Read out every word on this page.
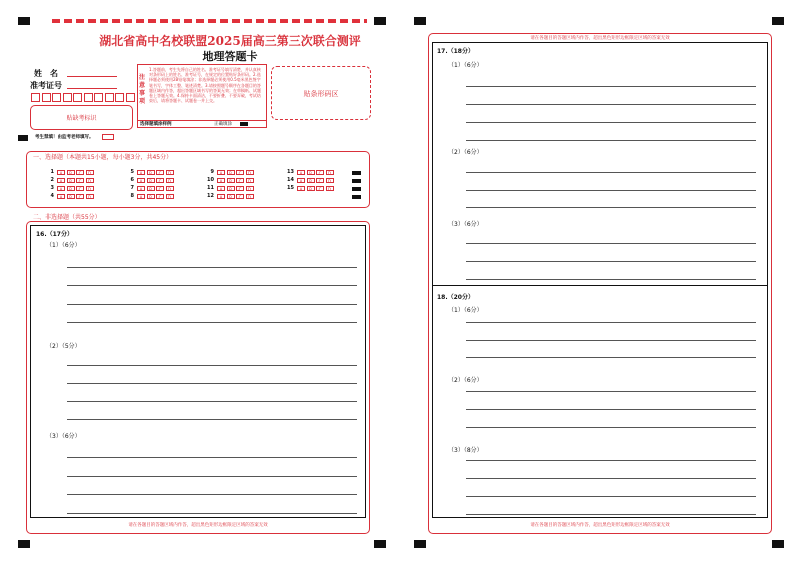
湖北省高中名校联盟2025届高三第三次联合测评
地理答题卡
姓　名
准考证号
贴缺考标识
注意事项
1.答题前，考生先将自己的姓名、准考证号填写清楚，并认真核对条形码上的姓名、准考证号，在规定的位置贴好条形码。2.选择题必须使用2B铅笔填涂；非选择题必须使用0.5毫米黑色签字笔书写，字体工整、笔迹清楚。3.请按照题号顺序在各题目的答题区域内作答，超出答题区域书写的答案无效；在草稿纸、试题卷上答题无效。4.保持卡面清洁，不要折叠、不要弄破，考试结束后，请将答题卡、试题卷一并上交。
选择题填涂样例	正确填涂
贴条形码区
考生禁填！由监考老师填写。
一、选择题（本题共15小题，每小题3分，共45分）
1	A	B	C	D
2	A	B	C	D
3	A	B	C	D
4	A	B	C	D
5	A	B	C	D
6	A	B	C	D
7	A	B	C	D
8	A	B	C	D
9	A	B	C	D
10	A	B	C	D
11	A	B	C	D
12	A	B	C	D
13	A	B	C	D
14	A	B	C	D
15	A	B	C	D
二、非选择题（共55分）
16.（17分）
（1）（6分）
（2）（5分）
（3）（6分）
请在各题目的答题区域内作答，超出黑色矩形边框限定区域的答案无效
请在各题目的答题区域内作答，超出黑色矩形边框限定区域的答案无效
17.（18分）
（1）（6分）
（2）（6分）
（3）（6分）
18.（20分）
（1）（6分）
（2）（6分）
（3）（8分）
请在各题目的答题区域内作答，超出黑色矩形边框限定区域的答案无效
